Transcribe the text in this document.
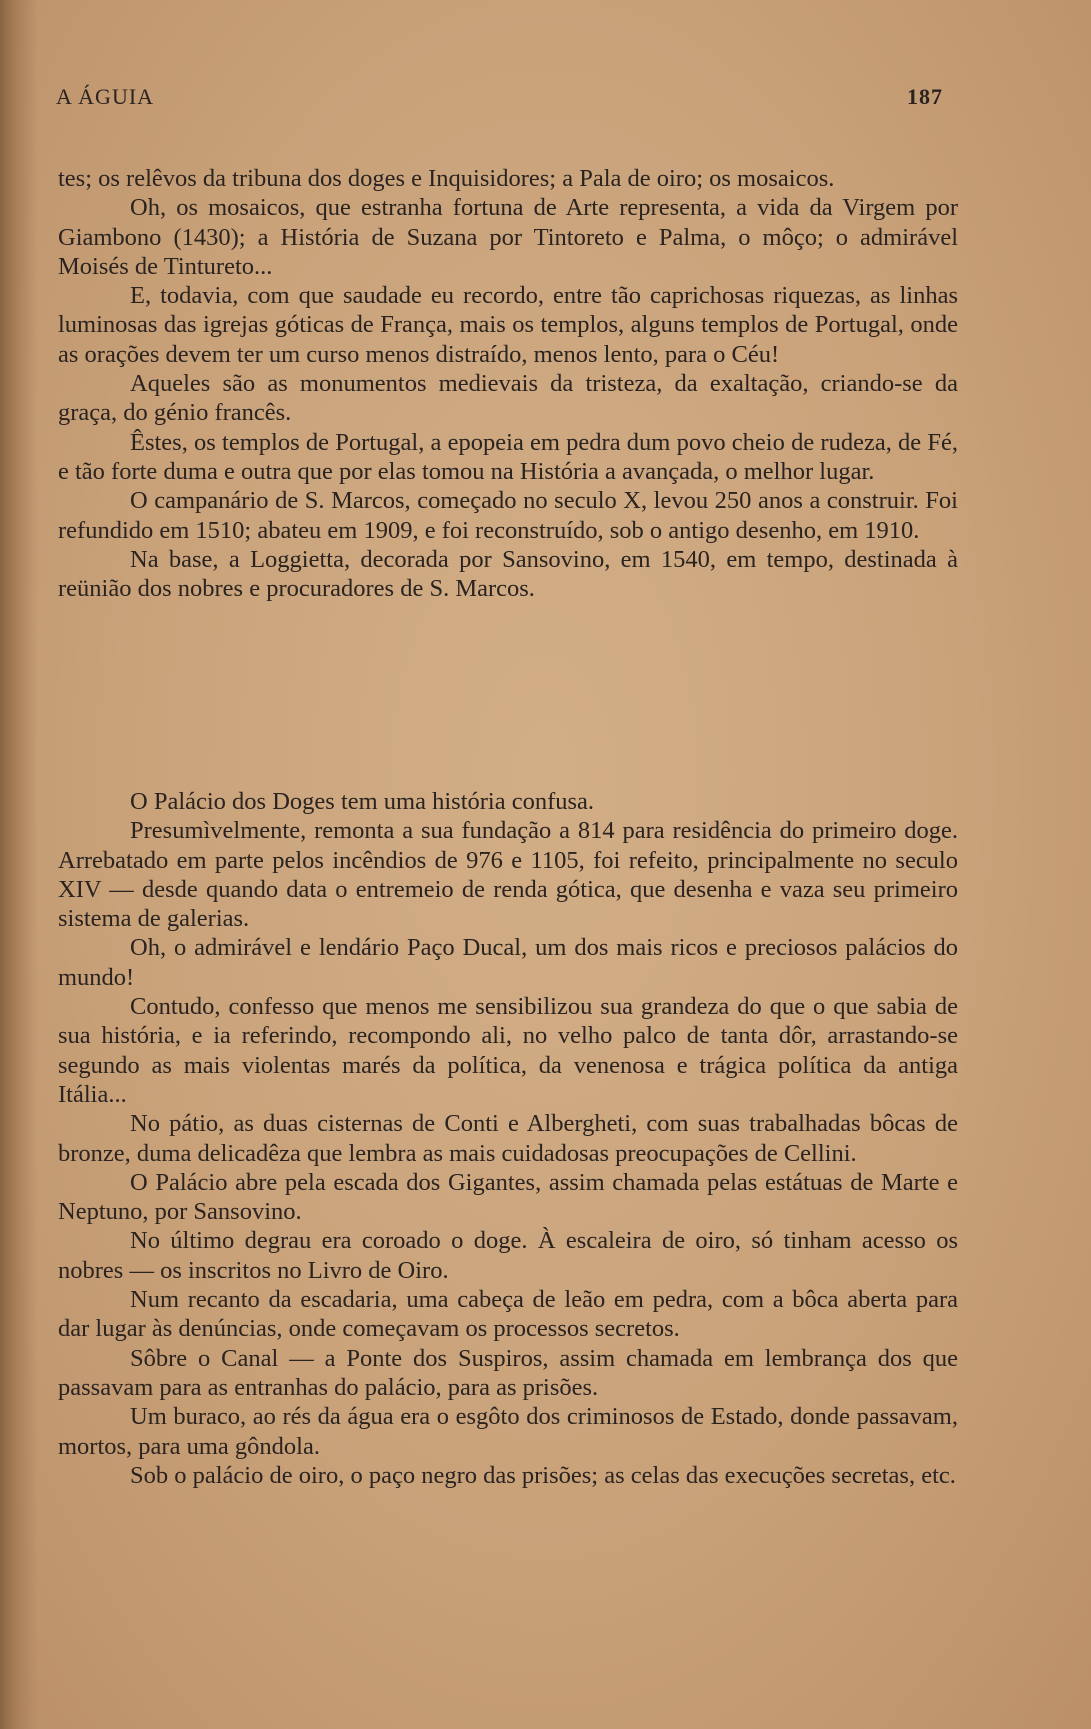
A ÁGUIA	187

tes; os relêvos da tribuna dos doges e Inquisidores; a Pala de oiro; os mosaicos.

Oh, os mosaicos, que estranha fortuna de Arte representa, a vida da Virgem por Giambono (1430); a História de Suzana por Tintoreto e Palma, o môço; o admirável Moisés de Tintureto...

E, todavia, com que saudade eu recordo, entre tão caprichosas riquezas, as linhas luminosas das igrejas góticas de França, mais os templos, alguns templos de Portugal, onde as orações devem ter um curso menos distraído, menos lento, para o Céu!

Aqueles são as monumentos medievais da tristeza, da exaltação, criando-se da graça, do génio francês.

Êstes, os templos de Portugal, a epopeia em pedra dum povo cheio de rudeza, de Fé, e tão forte duma e outra que por elas tomou na História a avançada, o melhor lugar.

O campanário de S. Marcos, começado no seculo X, levou 250 anos a construir. Foi refundido em 1510; abateu em 1909, e foi reconstruído, sob o antigo desenho, em 1910.

Na base, a Loggietta, decorada por Sansovino, em 1540, em tempo, destinada à reünião dos nobres e procuradores de S. Marcos.

O Palácio dos Doges tem uma história confusa.

Presumìvelmente, remonta a sua fundação a 814 para residência do primeiro doge. Arrebatado em parte pelos incêndios de 976 e 1105, foi refeito, principalmente no seculo XIV — desde quando data o entremeio de renda gótica, que desenha e vaza seu primeiro sistema de galerias.

Oh, o admirável e lendário Paço Ducal, um dos mais ricos e preciosos palácios do mundo!

Contudo, confesso que menos me sensibilizou sua grandeza do que o que sabia de sua história, e ia referindo, recompondo ali, no velho palco de tanta dôr, arrastando-se segundo as mais violentas marés da política, da venenosa e trágica política da antiga Itália...

No pátio, as duas cisternas de Conti e Albergheti, com suas trabalhadas bôcas de bronze, duma delicadêza que lembra as mais cuidadosas preocupações de Cellini.

O Palácio abre pela escada dos Gigantes, assim chamada pelas estátuas de Marte e Neptuno, por Sansovino.

No último degrau era coroado o doge. À escaleira de oiro, só tinham acesso os nobres — os inscritos no Livro de Oiro.

Num recanto da escadaria, uma cabeça de leão em pedra, com a bôca aberta para dar lugar às denúncias, onde começavam os processos secretos.

Sôbre o Canal — a Ponte dos Suspiros, assim chamada em lembrança dos que passavam para as entranhas do palácio, para as prisões.

Um buraco, ao rés da água era o esgôto dos criminosos de Estado, donde passavam, mortos, para uma gôndola.

Sob o palácio de oiro, o paço negro das prisões; as celas das execuções secretas, etc.
